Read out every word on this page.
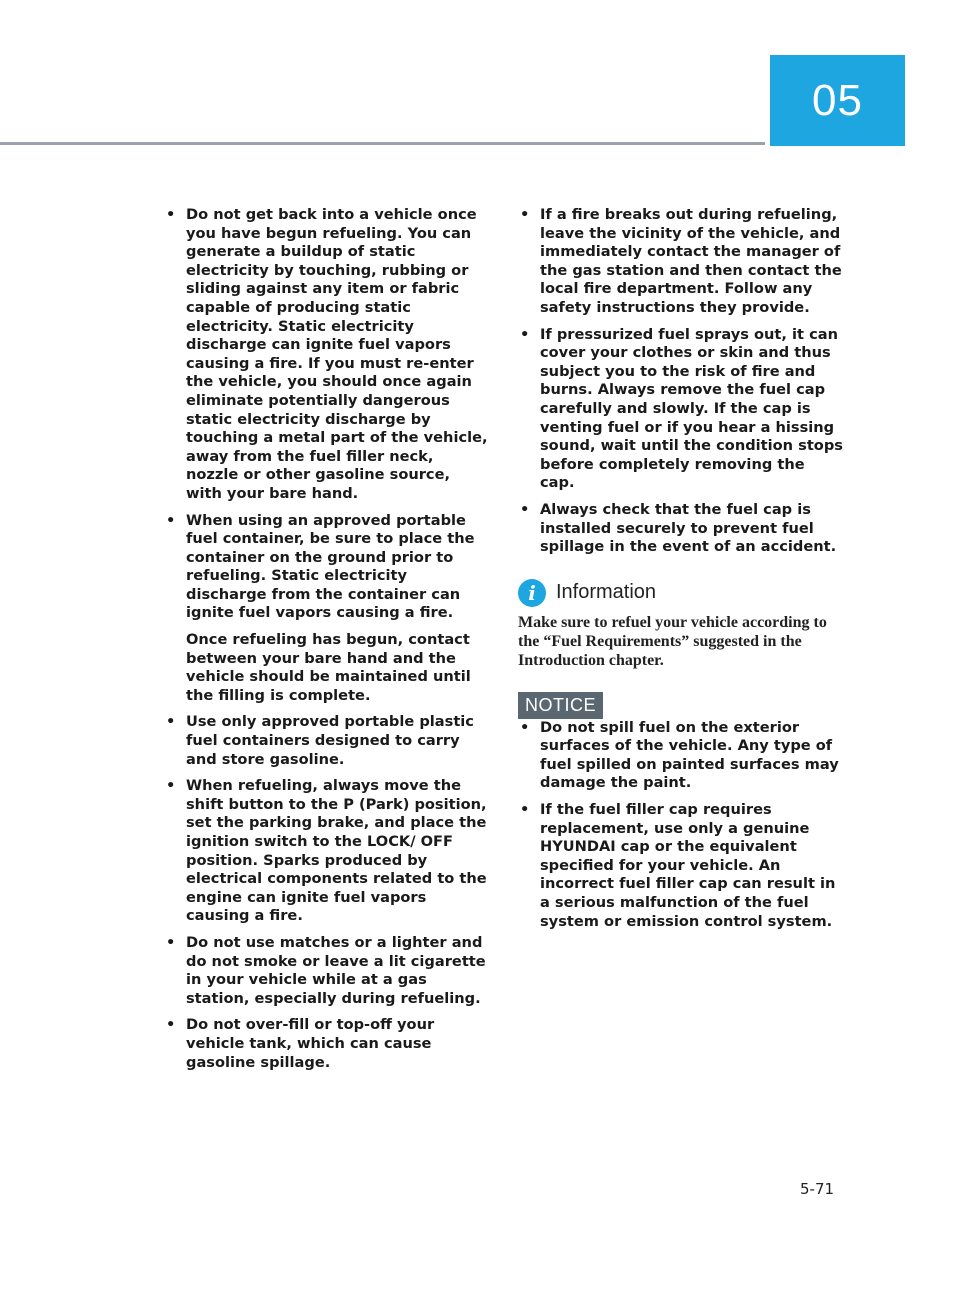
05
• Do not get back into a vehicle once you have begun refueling. You can generate a buildup of static electricity by touching, rubbing or sliding against any item or fabric capable of producing static electricity. Static electricity discharge can ignite fuel vapors causing a fire. If you must re-enter the vehicle, you should once again eliminate potentially dangerous static electricity discharge by touching a metal part of the vehicle, away from the fuel filler neck, nozzle or other gasoline source, with your bare hand.
• When using an approved portable fuel container, be sure to place the container on the ground prior to refueling. Static electricity discharge from the container can ignite fuel vapors causing a fire.
Once refueling has begun, contact between your bare hand and the vehicle should be maintained until the filling is complete.
• Use only approved portable plastic fuel containers designed to carry and store gasoline.
• When refueling, always move the shift button to the P (Park) position, set the parking brake, and place the ignition switch to the LOCK/ OFF position. Sparks produced by electrical components related to the engine can ignite fuel vapors causing a fire.
• Do not use matches or a lighter and do not smoke or leave a lit cigarette in your vehicle while at a gas station, especially during refueling.
• Do not over-fill or top-off your vehicle tank, which can cause gasoline spillage.
• If a fire breaks out during refueling, leave the vicinity of the vehicle, and immediately contact the manager of the gas station and then contact the local fire department. Follow any safety instructions they provide.
• If pressurized fuel sprays out, it can cover your clothes or skin and thus subject you to the risk of fire and burns. Always remove the fuel cap carefully and slowly. If the cap is venting fuel or if you hear a hissing sound, wait until the condition stops before completely removing the cap.
• Always check that the fuel cap is installed securely to prevent fuel spillage in the event of an accident.
i	Information
Make sure to refuel your vehicle according to the “Fuel Requirements” suggested in the Introduction chapter.
NOTICE
• Do not spill fuel on the exterior surfaces of the vehicle. Any type of fuel spilled on painted surfaces may damage the paint.
• If the fuel filler cap requires replacement, use only a genuine HYUNDAI cap or the equivalent specified for your vehicle. An incorrect fuel filler cap can result in a serious malfunction of the fuel system or emission control system.
5-71
